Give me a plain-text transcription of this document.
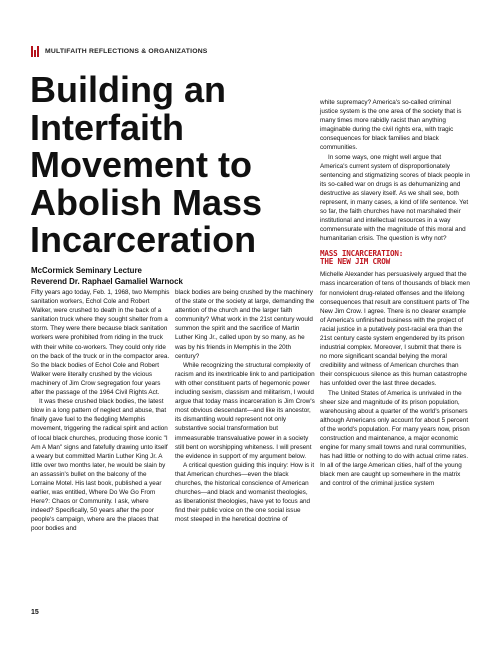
MULTIFAITH REFLECTIONS & ORGANIZATIONS
Building an Interfaith Movement to Abolish Mass Incarceration
McCormick Seminary Lecture
Reverend Dr. Raphael Gamaliel Warnock

Fifty years ago today, Feb. 1, 1968, two Memphis sanitation workers, Echol Cole and Robert Walker, were crushed to death in the back of a sanitation truck where they sought shelter from a storm. They were there because black sanitation workers were prohibited from riding in the truck with their white co-workers. They could only ride on the back of the truck or in the compactor area. So the black bodies of Echol Cole and Robert Walker were literally crushed by the vicious machinery of Jim Crow segregation four years after the passage of the 1964 Civil Rights Act.

It was these crushed black bodies, the latest blow in a long pattern of neglect and abuse, that finally gave fuel to the fledgling Memphis movement, triggering the radical spirit and action of local black churches, producing those iconic "I Am A Man" signs and fatefully drawing unto itself a weary but committed Martin Luther King Jr. A little over two months later, he would be slain by an assassin's bullet on the balcony of the Lorraine Motel. His last book, published a year earlier, was entitled, Where Do We Go From Here?: Chaos or Community. I ask, where indeed? Specifically, 50 years after the poor people's campaign, where are the places that poor bodies and

black bodies are being crushed by the machinery of the state or the society at large, demanding the attention of the church and the larger faith community? What work in the 21st century would summon the spirit and the sacrifice of Martin Luther King Jr., called upon by so many, as he was by his friends in Memphis in the 20th century?

While recognizing the structural complexity of racism and its inextricable link to and participation with other constituent parts of hegemonic power including sexism, classism and militarism, I would argue that today mass incarceration is Jim Crow's most obvious descendant—and like its ancestor, its dismantling would represent not only substantive social transformation but immeasurable transvaluative power in a society still bent on worshipping whiteness. I will present the evidence in support of my argument below.

A critical question guiding this inquiry: How is it that American churches—even the black churches, the historical conscience of American churches—and black and womanist theologies, as liberationist theologies, have yet to focus and find their public voice on the one social issue most steeped in the heretical doctrine of

white supremacy? America's so-called criminal justice system is the one area of the society that is many times more rabidly racist than anything imaginable during the civil rights era, with tragic consequences for black families and black communities.

In some ways, one might well argue that America's current system of disproportionately sentencing and stigmatizing scores of black people in its so-called war on drugs is as dehumanizing and destructive as slavery itself. As we shall see, both represent, in many cases, a kind of life sentence. Yet so far, the faith churches have not marshaled their institutional and intellectual resources in a way commensurate with the magnitude of this moral and humanitarian crisis. The question is why not?

MASS INCARCERATION:
THE NEW JIM CROW

Michelle Alexander has persuasively argued that the mass incarceration of tens of thousands of black men for nonviolent drug-related offenses and the lifelong consequences that result are constituent parts of The New Jim Crow. I agree. There is no clearer example of America's unfinished business with the project of racial justice in a putatively post-racial era than the 21st century caste system engendered by its prison industrial complex. Moreover, I submit that there is no more significant scandal belying the moral credibility and witness of American churches than their conspicuous silence as this human catastrophe has unfolded over the last three decades.

The United States of America is unrivaled in the sheer size and magnitude of its prison population, warehousing about a quarter of the world's prisoners although Americans only account for about 5 percent of the world's population. For many years now, prison construction and maintenance, a major economic engine for many small towns and rural communities, has had little or nothing to do with actual crime rates. In all of the large American cities, half of the young black men are caught up somewhere in the matrix and control of the criminal justice system

15
